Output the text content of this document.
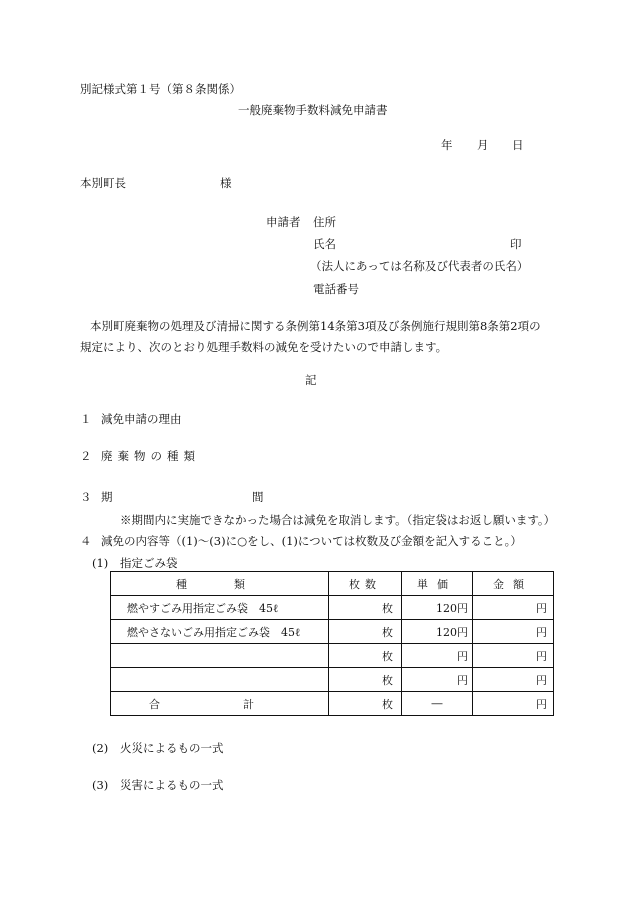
別記様式第１号（第８条関係）
一般廃棄物手数料減免申請書
年 月 日
本別町長	様
申請者 住所
氏名	印
（法人にあっては名称及び代表者の氏名）
電話番号
本別町廃棄物の処理及び清掃に関する条例第14条第3項及び条例施行規則第8条第2項の
規定により、次のとおり処理手数料の減免を受けたいので申請します。
記
１ 減免申請の理由
２ 廃棄物の種類
３ 期　間
※期間内に実施できなかった場合は減免を取消します。（指定袋はお返し願います。）
４ 減免の内容等（(1)～(3)に○をし、(1)については枚数及び金額を記入すること。）
(1) 指定ごみ袋
種　類	枚数	単価	金額
燃やすごみ用指定ごみ袋　45ℓ	枚	120円	円
燃やさないごみ用指定ごみ袋　45ℓ	枚	120円	円
	枚	円	円
	枚	円	円
合　計	枚	―	円
(2) 火災によるもの一式
(3) 災害によるもの一式
